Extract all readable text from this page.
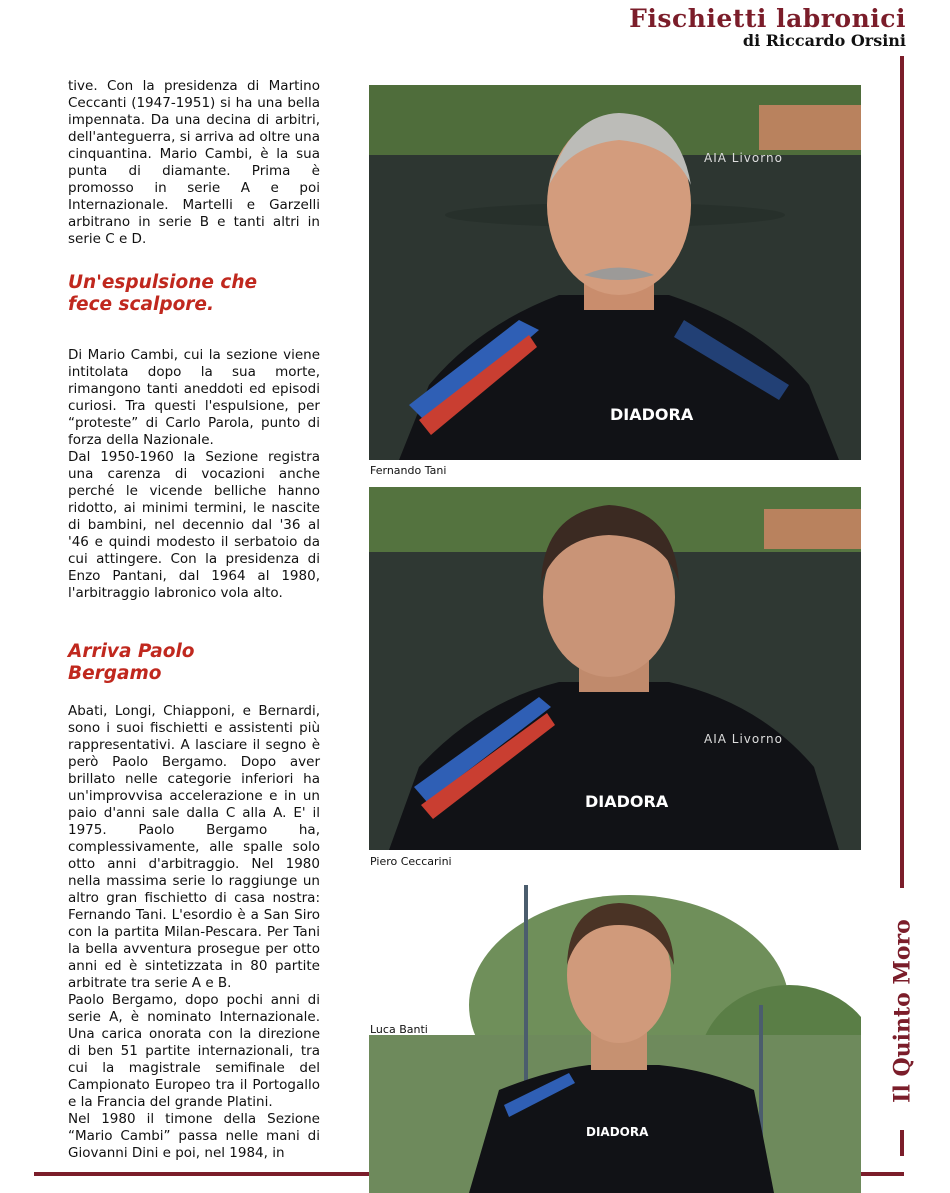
Fischietti labronici
di Riccardo Orsini
Il Quinto Moro

tive. Con la presidenza di Martino Ceccanti (1947-1951) si ha una bella impennata. Da una decina di arbitri, dell'anteguerra, si arriva ad oltre una cinquantina. Mario Cambi, è la sua punta di diamante. Prima è promosso in serie A e poi Internazionale. Martelli e Garzelli arbitrano in serie B e tanti altri in serie C e D.

Un'espulsione che fece scalpore.

Di Mario Cambi, cui la sezione viene intitolata dopo la sua morte, rimangono tanti aneddoti ed episodi curiosi. Tra questi l'espulsione, per “proteste” di Carlo Parola, punto di forza della Nazionale.

Dal 1950-1960 la Sezione registra una carenza di vocazioni anche perché le vicende belliche hanno ridotto, ai minimi termini, le nascite di bambini, nel decennio dal '36 al '46 e quindi modesto il serbatoio da cui attingere. Con la presidenza di Enzo Pantani, dal 1964 al 1980, l'arbitraggio labronico vola alto.

Arriva Paolo Bergamo

Abati, Longi, Chiapponi, e Bernardi, sono i suoi fischietti e assistenti più rappresentativi. A lasciare il segno è però Paolo Bergamo. Dopo aver brillato nelle categorie inferiori ha un'improvvisa accelerazione e in un paio d'anni sale dalla C alla A. E' il 1975. Paolo Bergamo ha, complessivamente, alle spalle solo otto anni d'arbitraggio. Nel 1980 nella massima serie lo raggiunge un altro gran fischietto di casa nostra: Fernando Tani. L'esordio è a San Siro con la partita Milan-Pescara. Per Tani la bella avventura prosegue per otto anni ed è sintetizzata in 80 partite arbitrate tra serie A e B.

Paolo Bergamo, dopo pochi anni di serie A, è nominato Internazionale. Una carica onorata con la direzione di ben 51 partite internazionali, tra cui la magistrale semifinale del Campionato Europeo tra il Portogallo e la Francia del grande Platini.

Nel 1980 il timone della Sezione “Mario Cambi” passa nelle mani di Giovanni Dini e poi, nel 1984, in

AIA Livorno
DIADORA
Fernando Tani
AIA Livorno
DIADORA
Piero Ceccarini
DIADORA
Luca Banti
